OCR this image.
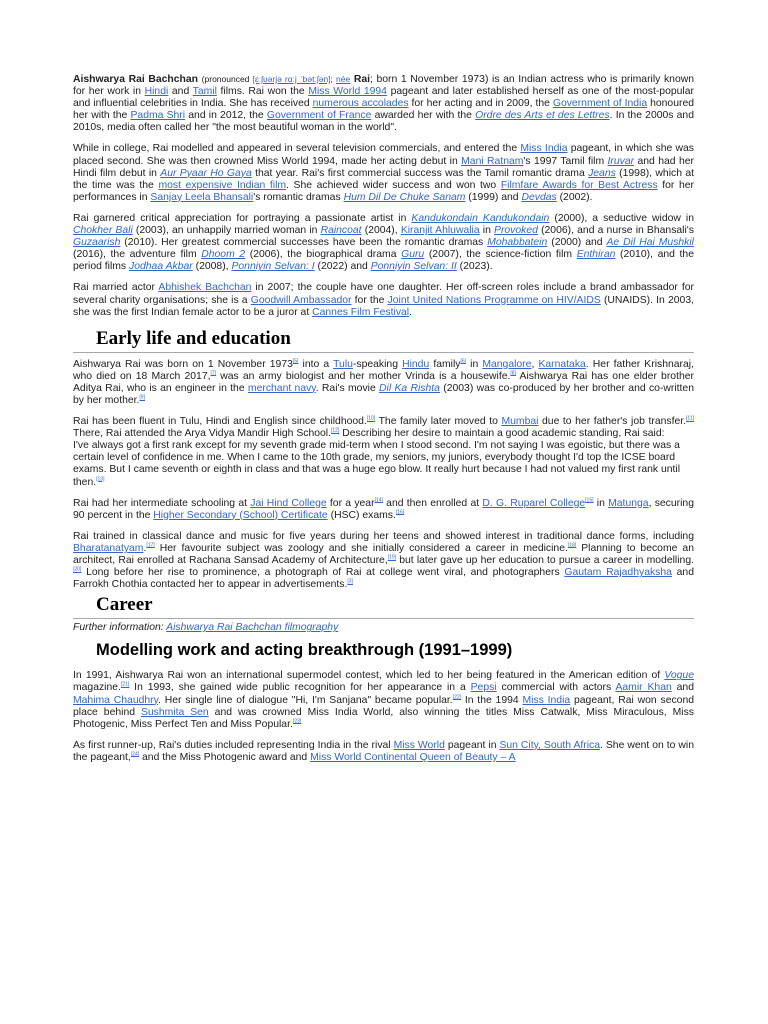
Aishwarya Rai Bachchan (pronounced [ɛːʃʋəɾjə rɑːj ˈbətːʃən]; née Rai; born 1 November 1973) is an Indian actress who is primarily known for her work in Hindi and Tamil films. Rai won the Miss World 1994 pageant and later established herself as one of the most-popular and influential celebrities in India. She has received numerous accolades for her acting and in 2009, the Government of India honoured her with the Padma Shri and in 2012, the Government of France awarded her with the Ordre des Arts et des Lettres. In the 2000s and 2010s, media often called her "the most beautiful woman in the world".

While in college, Rai modelled and appeared in several television commercials, and entered the Miss India pageant, in which she was placed second. She was then crowned Miss World 1994, made her acting debut in Mani Ratnam's 1997 Tamil film Iruvar and had her Hindi film debut in Aur Pyaar Ho Gaya that year. Rai's first commercial success was the Tamil romantic drama Jeans (1998), which at the time was the most expensive Indian film. She achieved wider success and won two Filmfare Awards for Best Actress for her performances in Sanjay Leela Bhansali's romantic dramas Hum Dil De Chuke Sanam (1999) and Devdas (2002).

Rai garnered critical appreciation for portraying a passionate artist in Kandukondain Kandukondain (2000), a seductive widow in Chokher Bali (2003), an unhappily married woman in Raincoat (2004), Kiranjit Ahluwalia in Provoked (2006), and a nurse in Bhansali's Guzaarish (2010). Her greatest commercial successes have been the romantic dramas Mohabbatein (2000) and Ae Dil Hai Mushkil (2016), the adventure film Dhoom 2 (2006), the biographical drama Guru (2007), the science-fiction film Enthiran (2010), and the period films Jodhaa Akbar (2008), Ponniyin Selvan: I (2022) and Ponniyin Selvan: II (2023).

Rai married actor Abhishek Bachchan in 2007; the couple have one daughter. Her off-screen roles include a brand ambassador for several charity organisations; she is a Goodwill Ambassador for the Joint United Nations Programme on HIV/AIDS (UNAIDS). In 2003, she was the first Indian female actor to be a juror at Cannes Film Festival.

Early life and education

Aishwarya Rai was born on 1 November 1973[5] into a Tulu-speaking Hindu family[6] in Mangalore, Karnataka. Her father Krishnaraj, who died on 18 March 2017,[7] was an army biologist and her mother Vrinda is a housewife.[8] Aishwarya Rai has one elder brother Aditya Rai, who is an engineer in the merchant navy. Rai's movie Dil Ka Rishta (2003) was co-produced by her brother and co-written by her mother.[9]

Rai has been fluent in Tulu, Hindi and English since childhood.[10] The family later moved to Mumbai due to her father's job transfer.[11] There, Rai attended the Arya Vidya Mandir High School.[12] Describing her desire to maintain a good academic standing, Rai said:

I've always got a first rank except for my seventh grade mid-term when I stood second. I'm not saying I was egoistic, but there was a certain level of confidence in me. When I came to the 10th grade, my seniors, my juniors, everybody thought I'd top the ICSE board exams. But I came seventh or eighth in class and that was a huge ego blow. It really hurt because I had not valued my first rank until then.[13]

Rai had her intermediate schooling at Jai Hind College for a year[14] and then enrolled at D. G. Ruparel College[15] in Matunga, securing 90 percent in the Higher Secondary (School) Certificate (HSC) exams.[16]

Rai trained in classical dance and music for five years during her teens and showed interest in traditional dance forms, including Bharatanatyam.[17] Her favourite subject was zoology and she initially considered a career in medicine.[18] Planning to become an architect, Rai enrolled at Rachana Sansad Academy of Architecture,[19] but later gave up her education to pursue a career in modelling.[20] Long before her rise to prominence, a photograph of Rai at college went viral, and photographers Gautam Rajadhyaksha and Farrokh Chothia contacted her to appear in advertisements.[3]

Career
Further information: Aishwarya Rai Bachchan filmography
Modelling work and acting breakthrough (1991–1999)

In 1991, Aishwarya Rai won an international supermodel contest, which led to her being featured in the American edition of Vogue magazine.[21] In 1993, she gained wide public recognition for her appearance in a Pepsi commercial with actors Aamir Khan and Mahima Chaudhry. Her single line of dialogue "Hi, I'm Sanjana" became popular.[22] In the 1994 Miss India pageant, Rai won second place behind Sushmita Sen and was crowned Miss India World, also winning the titles Miss Catwalk, Miss Miraculous, Miss Photogenic, Miss Perfect Ten and Miss Popular.[23]

As first runner-up, Rai's duties included representing India in the rival Miss World pageant in Sun City, South Africa. She went on to win the pageant,[24] and the Miss Photogenic award and Miss World Continental Queen of Beauty – A
